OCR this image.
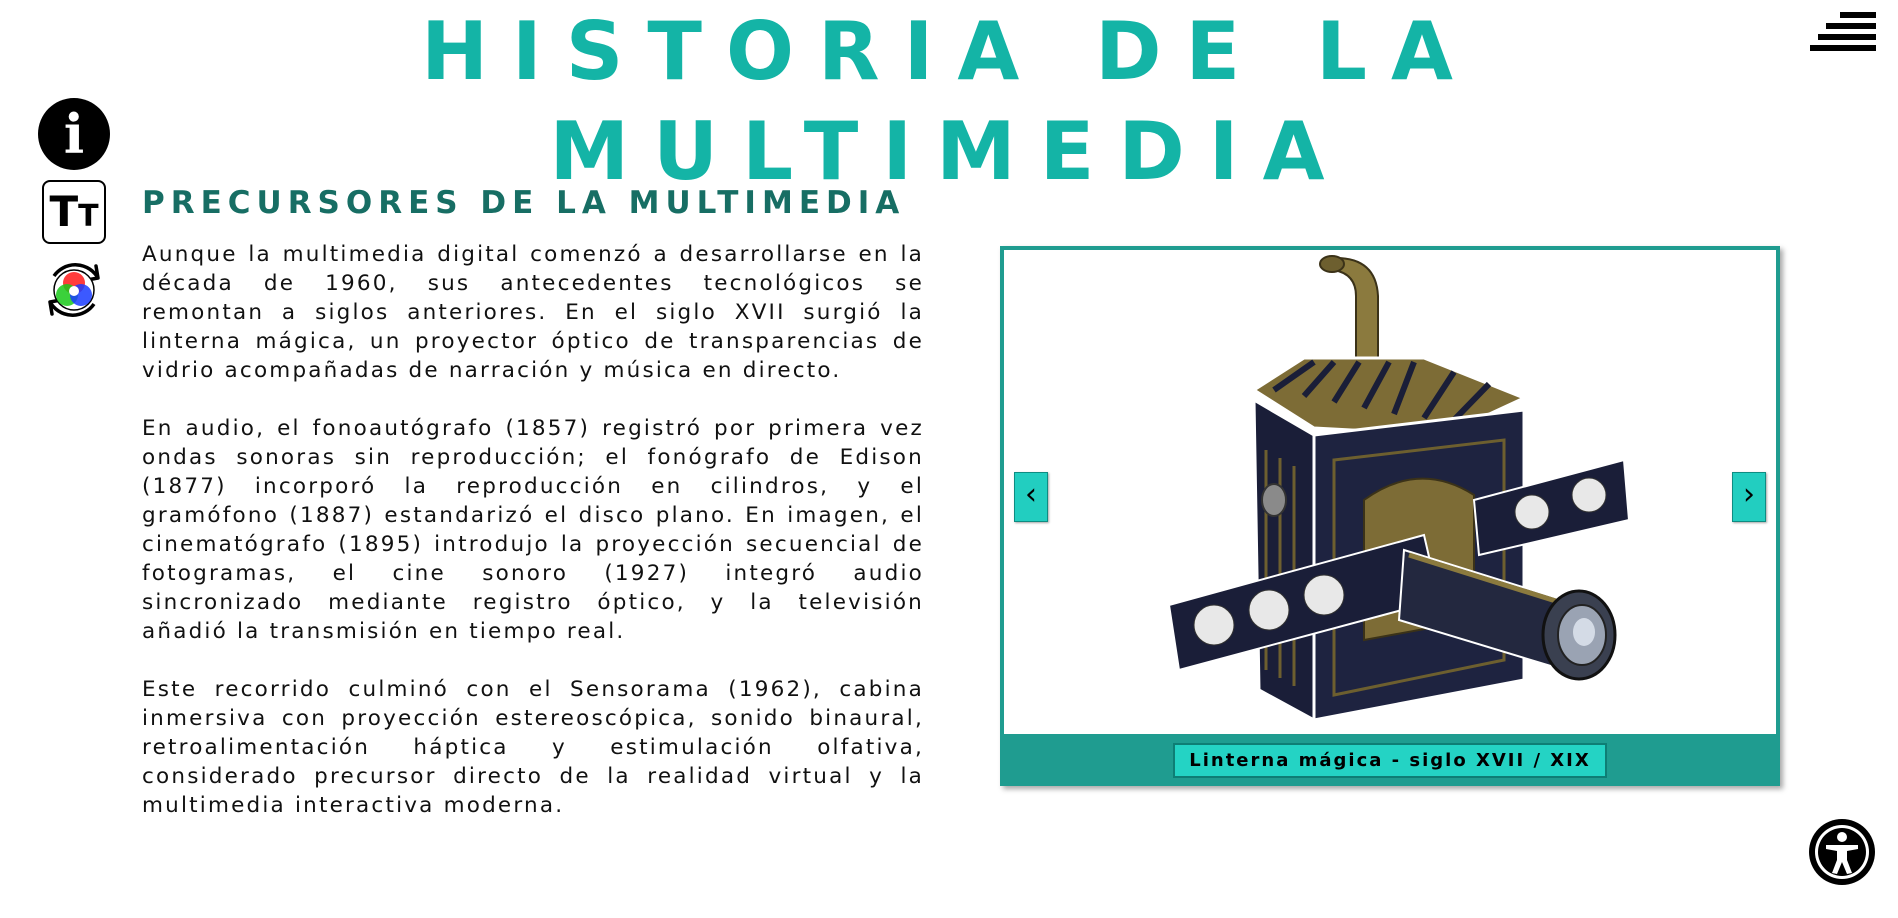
HISTORIA DE LA MULTIMEDIA
i
T T PRECURSORES DE LA MULTIMEDIA

Aunque la multimedia digital comenzó a desarrollarse en la década de 1960, sus antecedentes tecnológicos se remontan a siglos anteriores. En el siglo XVII surgió la linterna mágica, un proyector óptico de transparencias de vidrio acompañadas de narración y música en directo.

En audio, el fonoautógrafo (1857) registró por primera vez ondas sonoras sin reproducción; el fonógrafo de Edison (1877) incorporó la reproducción en cilindros, y el gramófono (1887) estandarizó el disco plano. En imagen, el cinematógrafo (1895) introdujo la proyección secuencial de fotogramas, el cine sonoro (1927) integró audio sincronizado mediante registro óptico, y la televisión añadió la transmisión en tiempo real.

Este recorrido culminó con el Sensorama (1962), cabina inmersiva con proyección estereoscópica, sonido binaural, retroalimentación háptica y estimulación olfativa, considerado precursor directo de la realidad virtual y la multimedia interactiva moderna.

‹	›
Linterna mágica - siglo XVII / XIX
